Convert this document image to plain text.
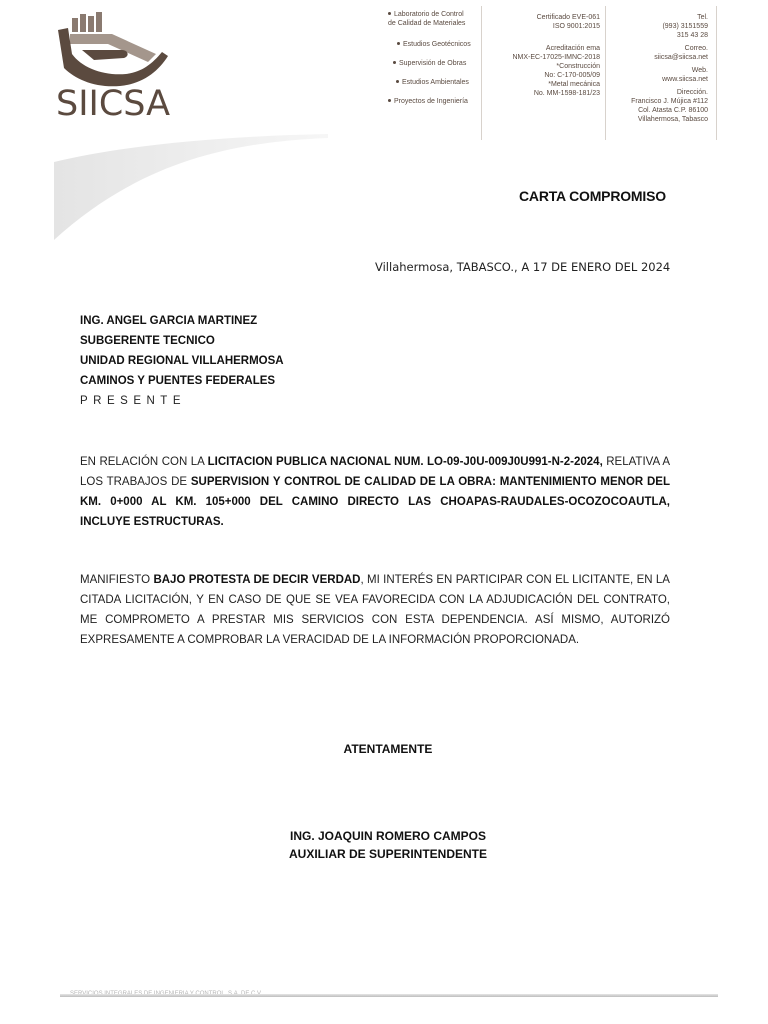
SIICSA
Laboratorio de Control
de Calidad de Materiales
Estudios Geotécnicos
Supervisión de Obras
Estudios Ambientales
Proyectos de Ingeniería
Certificado EVE-061
ISO 9001:2015
Acreditación ema
NMX-EC-17025-IMNC-2018
*Construcción
No: C-170-005/09
*Metal mecánica
No. MM-1598-181/23
Tel.
(993) 3151559
315 43 28
Correo.
siicsa@siicsa.net
Web.
www.siicsa.net
Dirección.
Francisco J. Mújica #112
Col. Atasta C.P. 86100
Villahermosa, Tabasco
CARTA COMPROMISO
Villahermosa, TABASCO., A 17 DE ENERO DEL 2024
ING. ANGEL GARCIA MARTINEZ
SUBGERENTE TECNICO
UNIDAD REGIONAL VILLAHERMOSA
CAMINOS Y PUENTES FEDERALES
PRESENTE
EN RELACIÓN CON LA LICITACION PUBLICA NACIONAL NUM. LO-09-J0U-009J0U991-N-2-2024, RELATIVA A LOS TRABAJOS DE SUPERVISION Y CONTROL DE CALIDAD DE LA OBRA: MANTENIMIENTO MENOR DEL KM. 0+000 AL KM. 105+000 DEL CAMINO DIRECTO LAS CHOAPAS-RAUDALES-OCOZOCOAUTLA, INCLUYE ESTRUCTURAS.
MANIFIESTO BAJO PROTESTA DE DECIR VERDAD, MI INTERÉS EN PARTICIPAR CON EL LICITANTE, EN LA CITADA LICITACIÓN, Y EN CASO DE QUE SE VEA FAVORECIDA CON LA ADJUDICACIÓN DEL CONTRATO, ME COMPROMETO A PRESTAR MIS SERVICIOS CON ESTA DEPENDENCIA. ASÍ MISMO, AUTORIZÓ EXPRESAMENTE A COMPROBAR LA VERACIDAD DE LA INFORMACIÓN PROPORCIONADA.
ATENTAMENTE
ING. JOAQUIN ROMERO CAMPOS
AUXILIAR DE SUPERINTENDENTE
